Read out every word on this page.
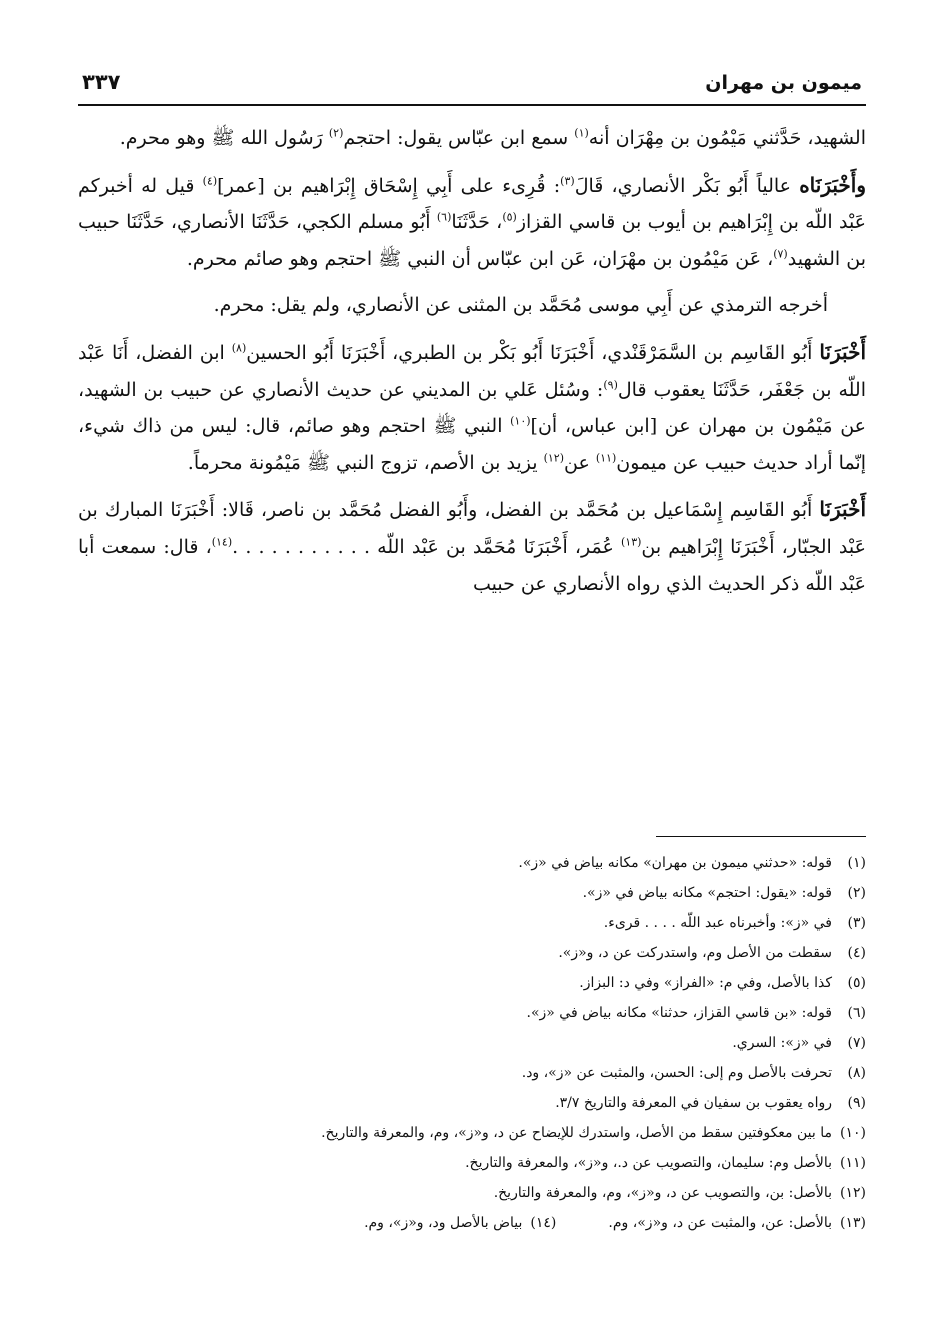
ميمون بن مهران
٣٣٧

الشهيد، حَدَّثني مَيْمُون بن مِهْرَان أنه$^{(١)}$ سمع ابن عبّاس يقول: احتجم$^{(٢)}$ رَسُول الله ﷺ وهو محرم.

وأَخْبَرَنَاه عالياً أَبُو بَكْر الأنصاري، قَالَ$^{(٣)}$: قُرِىء على أَبِي إِسْحَاق إِبْرَاهيم بن [عمر]$^{(٤)}$ قيل له أخبركم عَبْد اللّه بن إِبْرَاهيم بن أيوب بن قاسي القزاز$^{(٥)}$، حَدَّثَنَا$^{(٦)}$ أَبُو مسلم الكجي، حَدَّثَنَا الأنصاري، حَدَّثَنَا حبيب بن الشهيد$^{(٧)}$، عَن مَيْمُون بن مهْرَان، عَن ابن عبّاس أن النبي ﷺ احتجم وهو صائم محرم.

أخرجه الترمذي عن أَبِي موسى مُحَمَّد بن المثنى عن الأنصاري، ولم يقل: محرم.

أَخْبَرَنَا أَبُو القَاسِم بن السَّمَرْقَنْدي، أَخْبَرَنَا أَبُو بَكْر بن الطبري، أَخْبَرَنَا أَبُو الحسين$^{(٨)}$ ابن الفضل، أَنَا عَبْد اللّه بن جَعْفَر، حَدَّثَنَا يعقوب قال$^{(٩)}$: وسُئل عَلي بن المديني عن حديث الأنصاري عن حبيب بن الشهيد، عن مَيْمُون بن مهران عن [ابن عباس، أن]$^{(١٠)}$ النبي ﷺ احتجم وهو صائم، قال: ليس من ذاك شيء، إنّما أراد حديث حبيب عن ميمون$^{(١١)}$ عن$^{(١٢)}$ يزيد بن الأصم، تزوج النبي ﷺ مَيْمُونة محرماً.

أَخْبَرَنَا أَبُو القَاسِم إِسْمَاعيل بن مُحَمَّد بن الفضل، وأَبُو الفضل مُحَمَّد بن ناصر، قَالا: أَخْبَرَنَا المبارك بن عَبْد الجبّار، أَخْبَرَنَا إِبْرَاهيم بن$^{(١٣)}$ عُمَر، أَخْبَرَنَا مُحَمَّد بن عَبْد اللّه . . . . . . . . . . .$^{(١٤)}$، قال: سمعت أبا عَبْد اللّه ذكر الحديث الذي رواه الأنصاري عن حبيب

(١)
قوله: «حدثني ميمون بن مهران» مكانه بياض في «ز».
(٢)
قوله: «يقول: احتجم» مكانه بياض في «ز».
(٣)
في «ز»: وأخبرناه عبد اللّه . . . . قرىء.
(٤)
سقطت من الأصل وم، واستدركت عن د، و«ز».
(٥)
كذا بالأصل، وفي م: «الفراز» وفي د: البزاز.
(٦)
قوله: «بن قاسي القزاز، حدثنا» مكانه بياض في «ز».
(٧)
في «ز»: السري.
(٨)
تحرفت بالأصل وم إلى: الحسن، والمثبت عن «ز»، ود.
(٩)
رواه يعقوب بن سفيان في المعرفة والتاريخ ٣/٧.
(١٠)
ما بين معكوفتين سقط من الأصل، واستدرك للإيضاح عن د، و«ز»، وم، والمعرفة والتاريخ.
(١١)
بالأصل وم: سليمان، والتصويب عن د.، و«ز»، والمعرفة والتاريخ.
(١٢)
بالأصل: بن، والتصويب عن د، و«ز»، وم، والمعرفة والتاريخ.
(١٣)
بالأصل: عن، والمثبت عن د، و«ز»، وم.
(١٤)
بياض بالأصل ود، و«ز»، وم.
